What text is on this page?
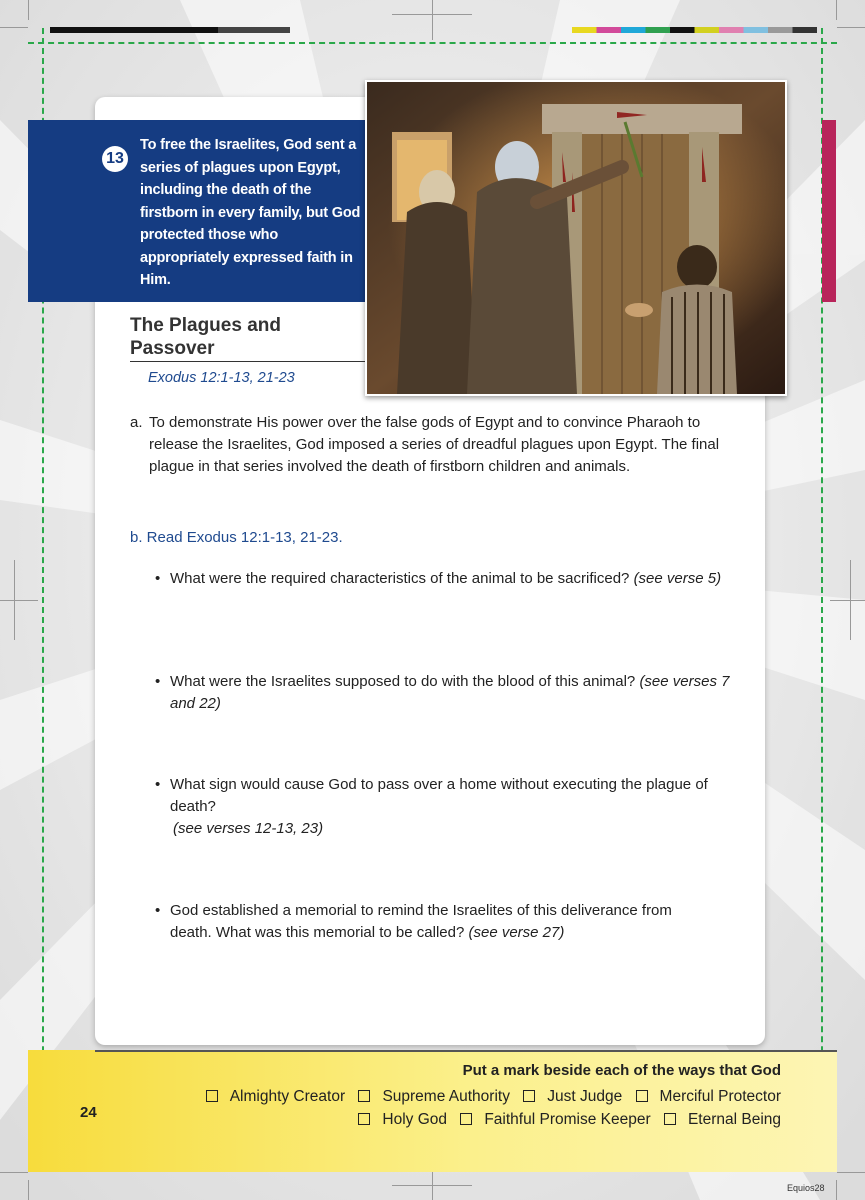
13
To free the Israelites, God sent a series of plagues upon Egypt, including the death of the firstborn in every family, but God protected those who appropriately expressed faith in Him.
The Plagues and Passover
Exodus 12:1-13, 21-23
a. To demonstrate His power over the false gods of Egypt and to convince Pharaoh to release the Israelites, God imposed a series of dreadful plagues upon Egypt. The final plague in that series involved the death of firstborn children and animals.
b. Read Exodus 12:1-13, 21-23.
• What were the required characteristics of the animal to be sacrificed? (see verse 5)
• What were the Israelites supposed to do with the blood of this animal? (see verses 7 and 22)
• What sign would cause God to pass over a home without executing the plague of death?
(see verses 12-13, 23)
• God established a memorial to remind the Israelites of this deliverance from death. What was this memorial to be called? (see verse 27)
24
Put a mark beside each of the ways that God
Almighty Creator Supreme Authority Just Judge Merciful Protector
Holy God Faithful Promise Keeper Eternal Being
Equios28
